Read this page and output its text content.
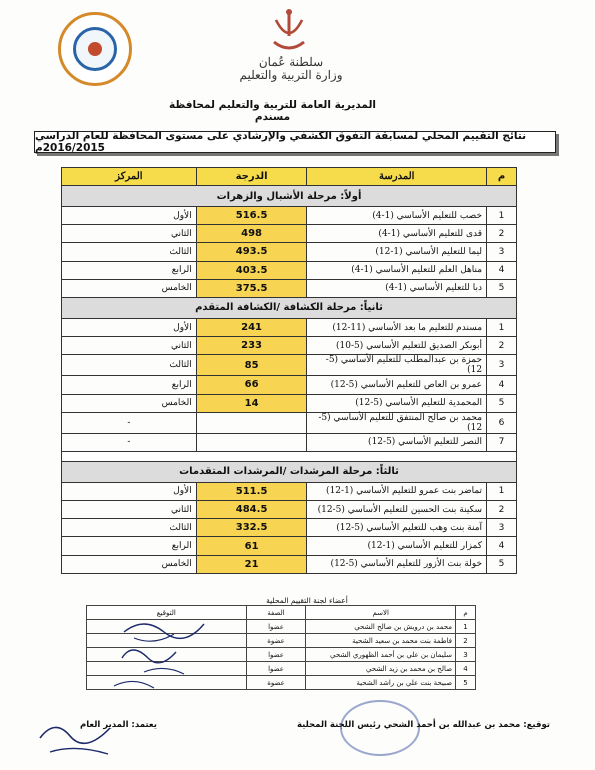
سلطنة عُمان
وزارة التربية والتعليم
المديرية العامة للتربية والتعليم لمحافظة مسندم
نتائج التقييم المحلي لمسابقة التفوق الكشفي والإرشادي على مستوى المحافظة للعام الدراسي 2016/2015م
م	المدرسة	الدرجة	المركز
أولاً: مرحلة الأشبال والزهرات			
1	خصب للتعليم الأساسي (1-4)	516.5	الأول
2	قدى للتعليم الأساسي (1-4)	498	الثاني
3	ليما للتعليم الأساسي (1-12)	493.5	الثالث
4	مناهل العلم للتعليم الأساسي (1-4)	403.5	الرابع
5	دبا للتعليم الأساسي (1-4)	375.5	الخامس
ثانياً: مرحلة الكشافة /الكشافة المتقدم			
1	مسندم للتعليم ما بعد الأساسي (11-12)	241	الأول
2	أبوبكر الصديق للتعليم الأساسي (5-10)	233	الثاني
3	حمزة بن عبدالمطلب للتعليم الأساسي (5-12)	85	الثالث
4	عمرو بن العاص للتعليم الأساسي (5-12)	66	الرابع
5	المحمدية للتعليم الأساسي (5-12)	14	الخامس
6	محمد بن صالح المنتفق للتعليم الأساسي (5-12)		-
7	النصر للتعليم الأساسي (5-12)		-

ثالثاً: مرحلة المرشدات /المرشدات المتقدمات			
1	تماضر بنت عمرو للتعليم الأساسي (1-12)	511.5	الأول
2	سكينة بنت الحسين للتعليم الأساسي (5-12)	484.5	الثاني
3	آمنة بنت وهب للتعليم الأساسي (5-12)	332.5	الثالث
4	كمزار للتعليم الأساسي (1-12)	61	الرابع
5	خولة بنت الأزور للتعليم الأساسي (5-12)	21	الخامس
أعضاء لجنة التقييم المحلية
م	الاسم	الصفة	التوقيع
1	محمد بن درويش بن صالح الشحي	عضوا	
2	فاطمة بنت محمد بن سعيد الشحية	عضوة	
3	سليمان بن علي بن أحمد الظهوري الشحي	عضوا	
4	صالح بن محمد بن زيد الشحي	عضوا	
5	صبيحة بنت علي بن راشد الشحية	عضوة	
توقيع: محمد بن عبدالله بن أحمد الشحي رئيس اللجنة المحلية
يعتمد: المدير العام
